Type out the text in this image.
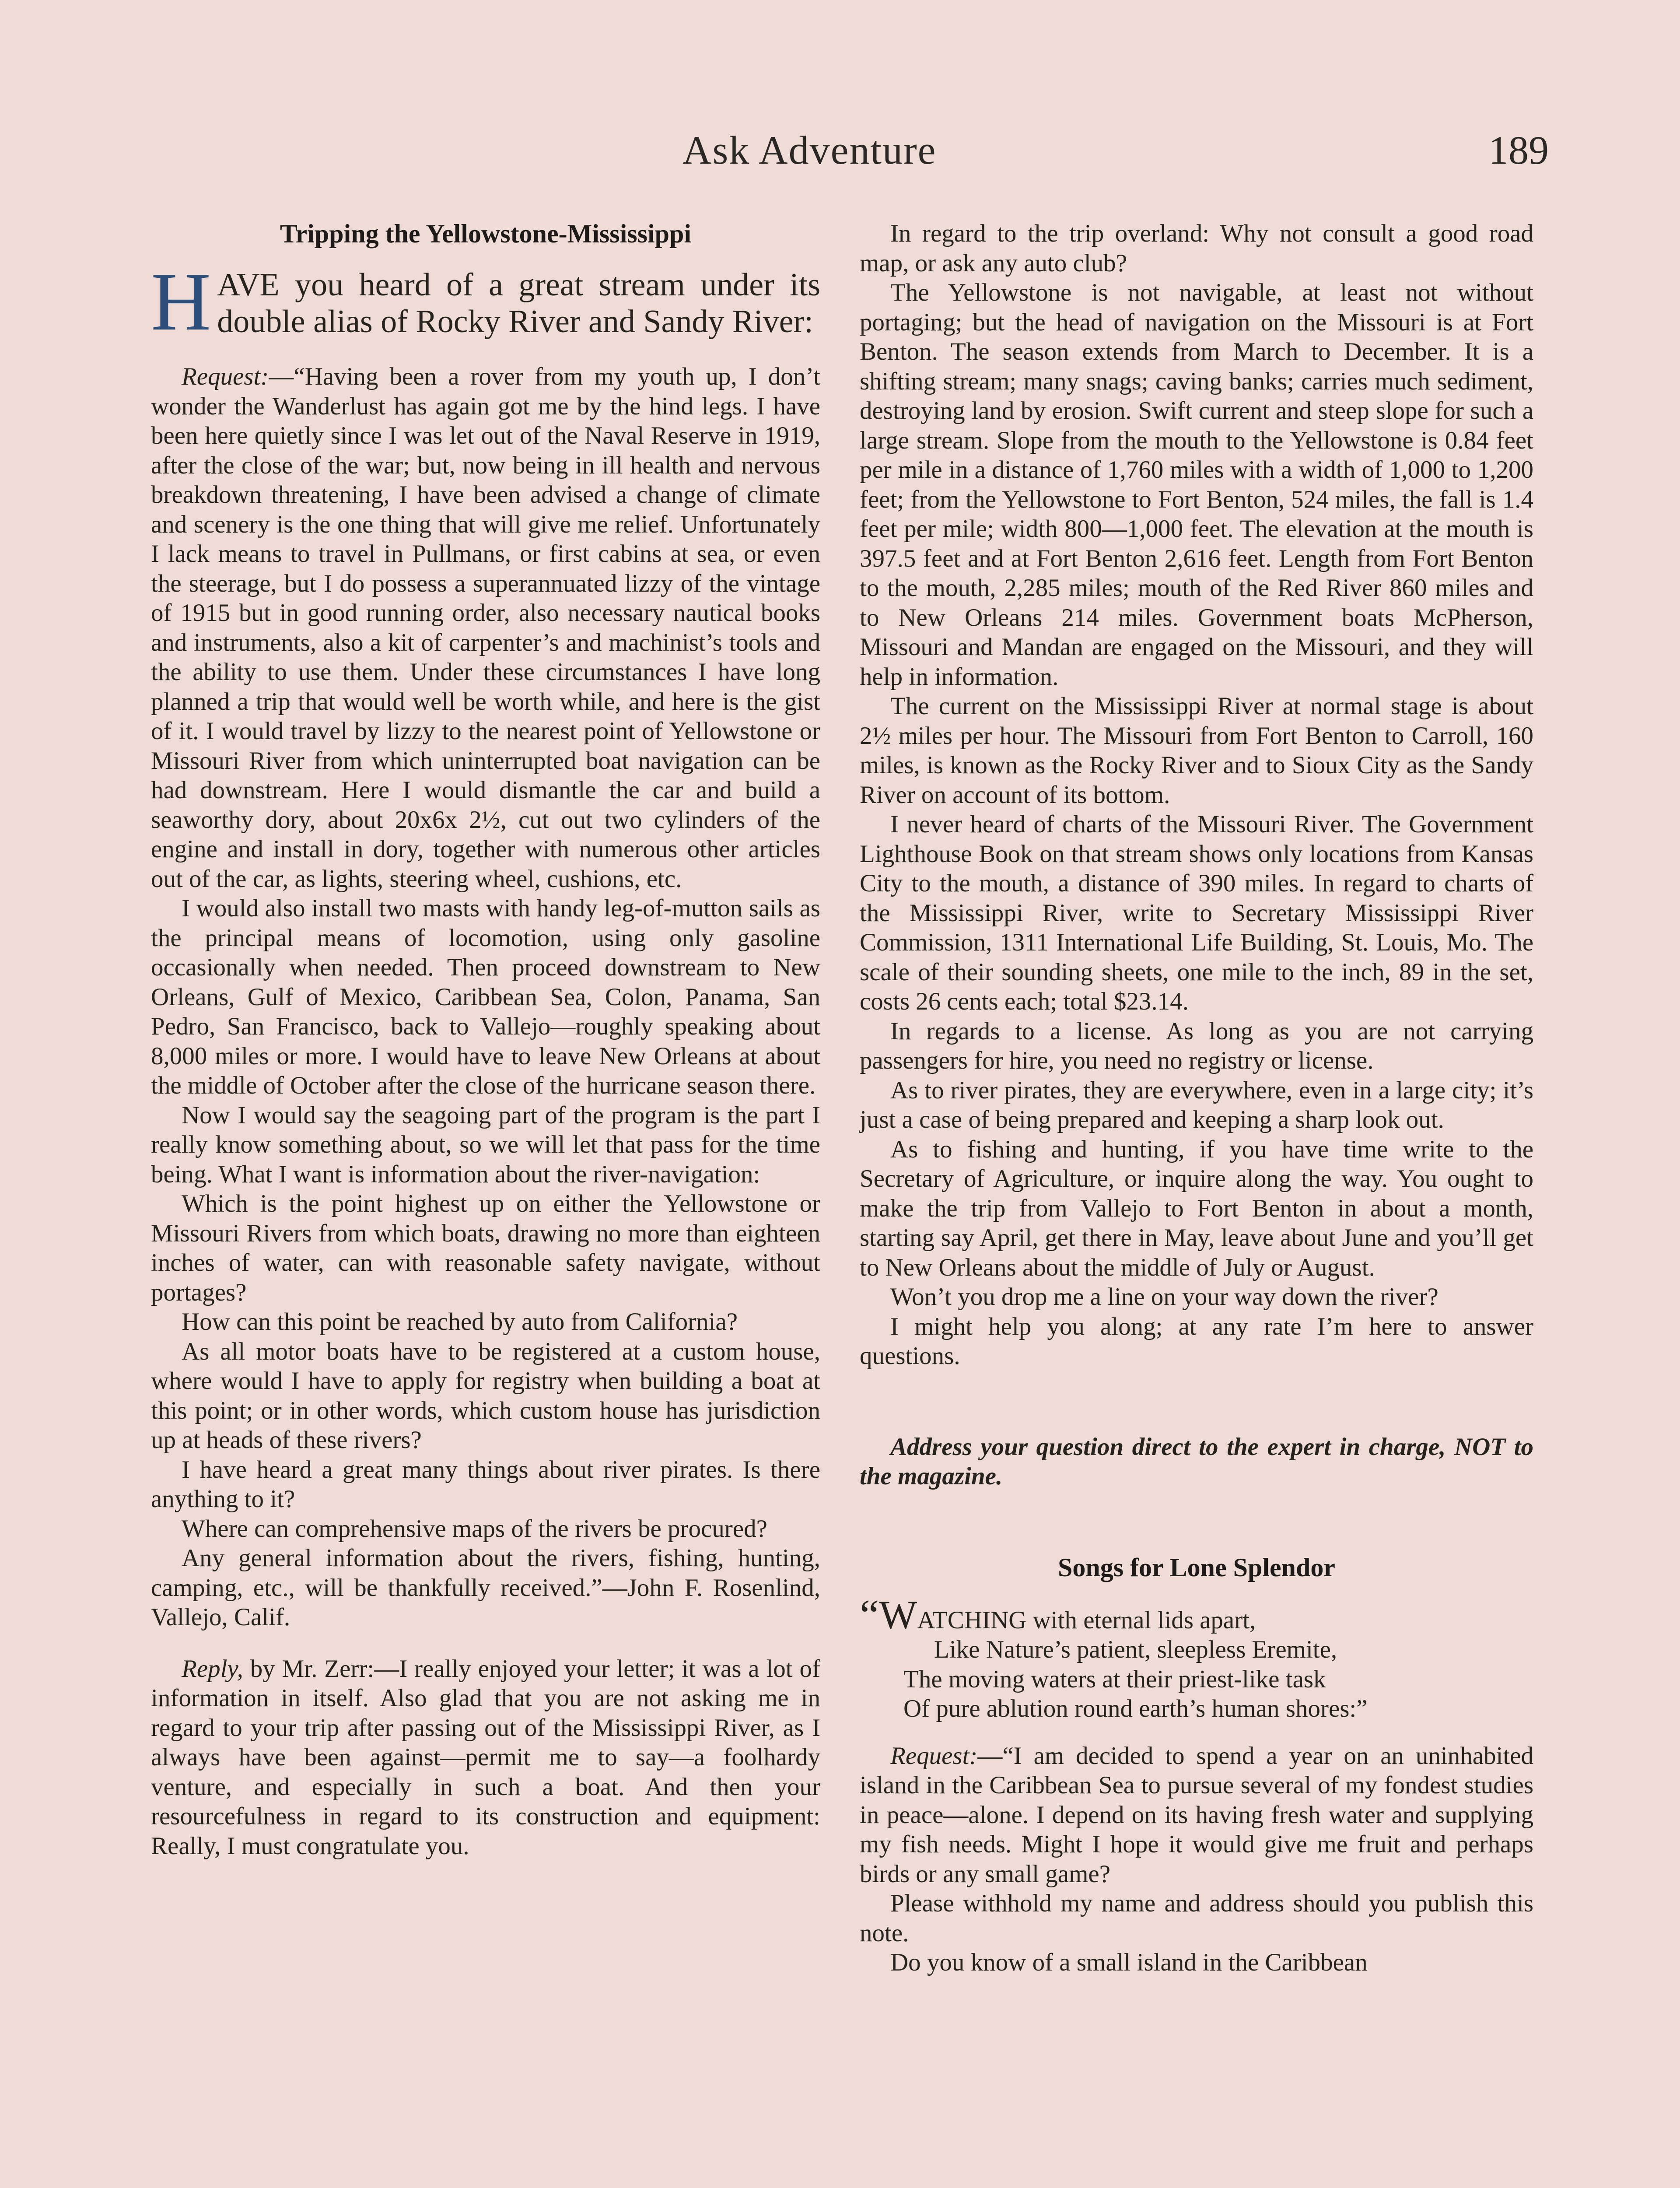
Ask Adventure	189
Tripping the Yellowstone-Mississippi
HAVE you heard of a great stream under its double alias of Rocky River and Sandy River:

Request:—“Having been a rover from my youth up, I don’t wonder the Wanderlust has again got me by the hind legs. I have been here quietly since I was let out of the Naval Reserve in 1919, after the close of the war; but, now being in ill health and nervous breakdown threatening, I have been advised a change of climate and scenery is the one thing that will give me relief. Unfortunately I lack means to travel in Pullmans, or first cabins at sea, or even the steerage, but I do possess a superannuated lizzy of the vintage of 1915 but in good running order, also necessary nautical books and instruments, also a kit of carpenter’s and machinist’s tools and the ability to use them. Under these circumstances I have long planned a trip that would well be worth while, and here is the gist of it. I would travel by lizzy to the nearest point of Yellowstone or Missouri River from which uninterrupted boat navigation can be had downstream. Here I would dismantle the car and build a seaworthy dory, about 20x6x 2½, cut out two cylinders of the engine and install in dory, together with numerous other articles out of the car, as lights, steering wheel, cushions, etc.

I would also install two masts with handy leg-of-mutton sails as the principal means of locomotion, using only gasoline occasionally when needed. Then proceed downstream to New Orleans, Gulf of Mexico, Caribbean Sea, Colon, Panama, San Pedro, San Francisco, back to Vallejo—roughly speaking about 8,000 miles or more. I would have to leave New Orleans at about the middle of October after the close of the hurricane season there.

Now I would say the seagoing part of the program is the part I really know something about, so we will let that pass for the time being. What I want is information about the river-navigation:

Which is the point highest up on either the Yellowstone or Missouri Rivers from which boats, drawing no more than eighteen inches of water, can with reasonable safety navigate, without portages?

How can this point be reached by auto from California?

As all motor boats have to be registered at a custom house, where would I have to apply for registry when building a boat at this point; or in other words, which custom house has jurisdiction up at heads of these rivers?

I have heard a great many things about river pirates. Is there anything to it?

Where can comprehensive maps of the rivers be procured?

Any general information about the rivers, fishing, hunting, camping, etc., will be thankfully received.”—John F. Rosenlind, Vallejo, Calif.

Reply, by Mr. Zerr:—I really enjoyed your letter; it was a lot of information in itself. Also glad that you are not asking me in regard to your trip after passing out of the Mississippi River, as I always have been against—permit me to say—a foolhardy venture, and especially in such a boat. And then your resourcefulness in regard to its construction and equipment: Really, I must congratulate you.

In regard to the trip overland: Why not consult a good road map, or ask any auto club?

The Yellowstone is not navigable, at least not without portaging; but the head of navigation on the Missouri is at Fort Benton. The season extends from March to December. It is a shifting stream; many snags; caving banks; carries much sediment, destroying land by erosion. Swift current and steep slope for such a large stream. Slope from the mouth to the Yellowstone is 0.84 feet per mile in a distance of 1,760 miles with a width of 1,000 to 1,200 feet; from the Yellowstone to Fort Benton, 524 miles, the fall is 1.4 feet per mile; width 800—1,000 feet. The elevation at the mouth is 397.5 feet and at Fort Benton 2,616 feet. Length from Fort Benton to the mouth, 2,285 miles; mouth of the Red River 860 miles and to New Orleans 214 miles. Government boats McPherson, Missouri and Mandan are engaged on the Missouri, and they will help in information.

The current on the Mississippi River at normal stage is about 2½ miles per hour. The Missouri from Fort Benton to Carroll, 160 miles, is known as the Rocky River and to Sioux City as the Sandy River on account of its bottom.

I never heard of charts of the Missouri River. The Government Lighthouse Book on that stream shows only locations from Kansas City to the mouth, a distance of 390 miles. In regard to charts of the Mississippi River, write to Secretary Mississippi River Commission, 1311 International Life Building, St. Louis, Mo. The scale of their sounding sheets, one mile to the inch, 89 in the set, costs 26 cents each; total $23.14.

In regards to a license. As long as you are not carrying passengers for hire, you need no registry or license.

As to river pirates, they are everywhere, even in a large city; it’s just a case of being prepared and keeping a sharp look out.

As to fishing and hunting, if you have time write to the Secretary of Agriculture, or inquire along the way. You ought to make the trip from Vallejo to Fort Benton in about a month, starting say April, get there in May, leave about June and you’ll get to New Orleans about the middle of July or August.

Won’t you drop me a line on your way down the river?

I might help you along; at any rate I’m here to answer questions.

Address your question direct to the expert in charge, NOT to the magazine.

Songs for Lone Splendor
“WATCHING with eternal lids apart,
Like Nature’s patient, sleepless Eremite,
The moving waters at their priest-like task
Of pure ablution round earth’s human shores:”

Request:—“I am decided to spend a year on an uninhabited island in the Caribbean Sea to pursue several of my fondest studies in peace—alone. I depend on its having fresh water and supplying my fish needs. Might I hope it would give me fruit and perhaps birds or any small game?

Please withhold my name and address should you publish this note.

Do you know of a small island in the Caribbean
